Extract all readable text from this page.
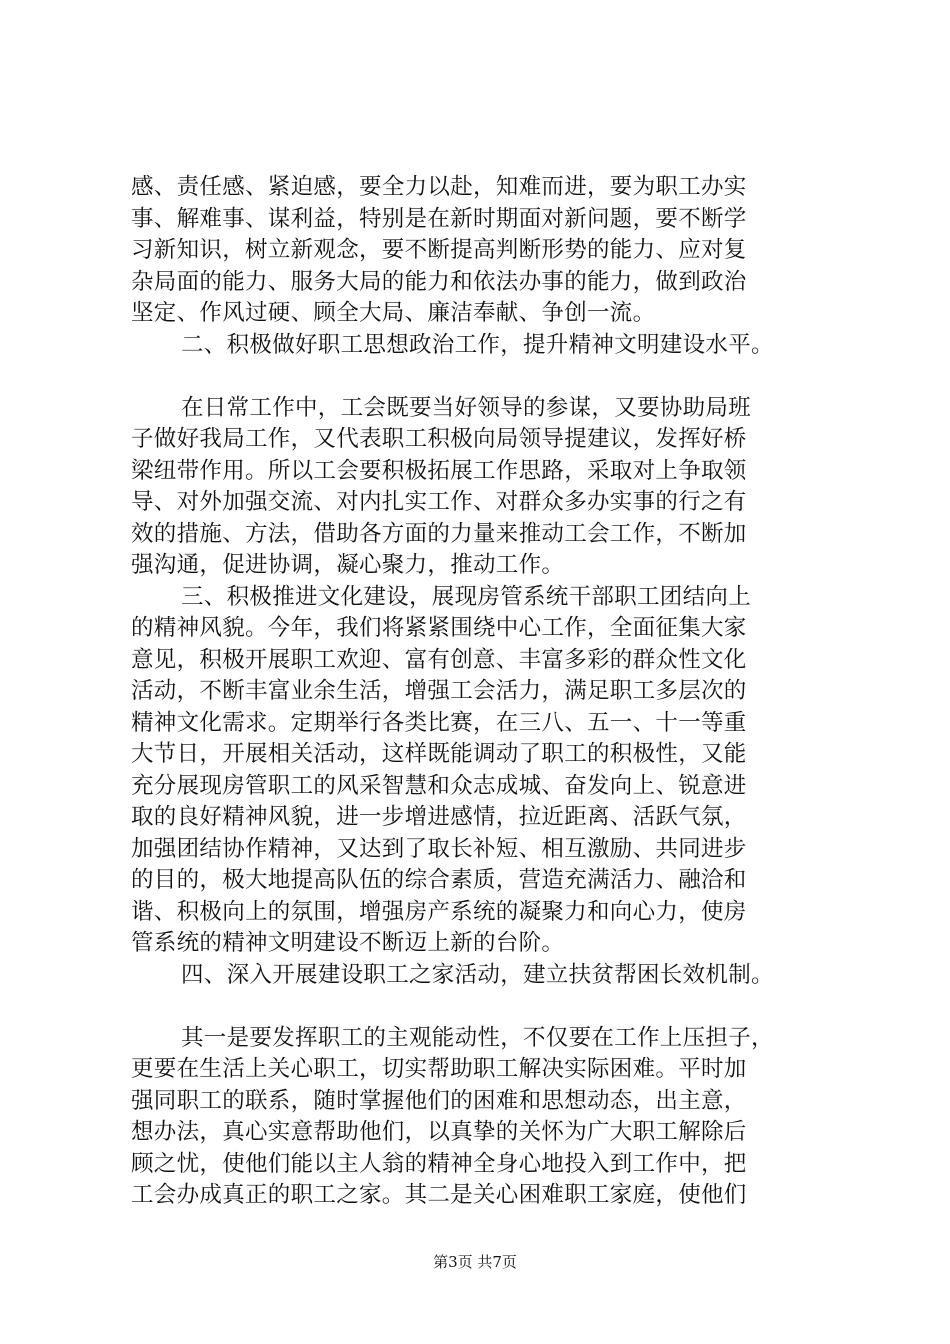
感、责任感、紧迫感，要全力以赴，知难而进，要为职工办实
事、解难事、谋利益，特别是在新时期面对新问题，要不断学
习新知识，树立新观念，要不断提高判断形势的能力、应对复
杂局面的能力、服务大局的能力和依法办事的能力，做到政治
坚定、作风过硬、顾全大局、廉洁奉献、争创一流。
二、积极做好职工思想政治工作，提升精神文明建设水平。
在日常工作中，工会既要当好领导的参谋，又要协助局班
子做好我局工作，又代表职工积极向局领导提建议，发挥好桥
梁纽带作用。所以工会要积极拓展工作思路，采取对上争取领
导、对外加强交流、对内扎实工作、对群众多办实事的行之有
效的措施、方法，借助各方面的力量来推动工会工作，不断加
强沟通，促进协调，凝心聚力，推动工作。
三、积极推进文化建设，展现房管系统干部职工团结向上
的精神风貌。今年，我们将紧紧围绕中心工作，全面征集大家
意见，积极开展职工欢迎、富有创意、丰富多彩的群众性文化
活动，不断丰富业余生活，增强工会活力，满足职工多层次的
精神文化需求。定期举行各类比赛，在三八、五一、十一等重
大节日，开展相关活动，这样既能调动了职工的积极性，又能
充分展现房管职工的风采智慧和众志成城、奋发向上、锐意进
取的良好精神风貌，进一步增进感情，拉近距离、活跃气氛，
加强团结协作精神，又达到了取长补短、相互激励、共同进步
的目的，极大地提高队伍的综合素质，营造充满活力、融洽和
谐、积极向上的氛围，增强房产系统的凝聚力和向心力，使房
管系统的精神文明建设不断迈上新的台阶。
四、深入开展建设职工之家活动，建立扶贫帮困长效机制。
其一是要发挥职工的主观能动性，不仅要在工作上压担子，
更要在生活上关心职工，切实帮助职工解决实际困难。平时加
强同职工的联系，随时掌握他们的困难和思想动态，出主意，
想办法，真心实意帮助他们，以真挚的关怀为广大职工解除后
顾之忧，使他们能以主人翁的精神全身心地投入到工作中，把
工会办成真正的职工之家。其二是关心困难职工家庭，使他们
第3页 共7页
